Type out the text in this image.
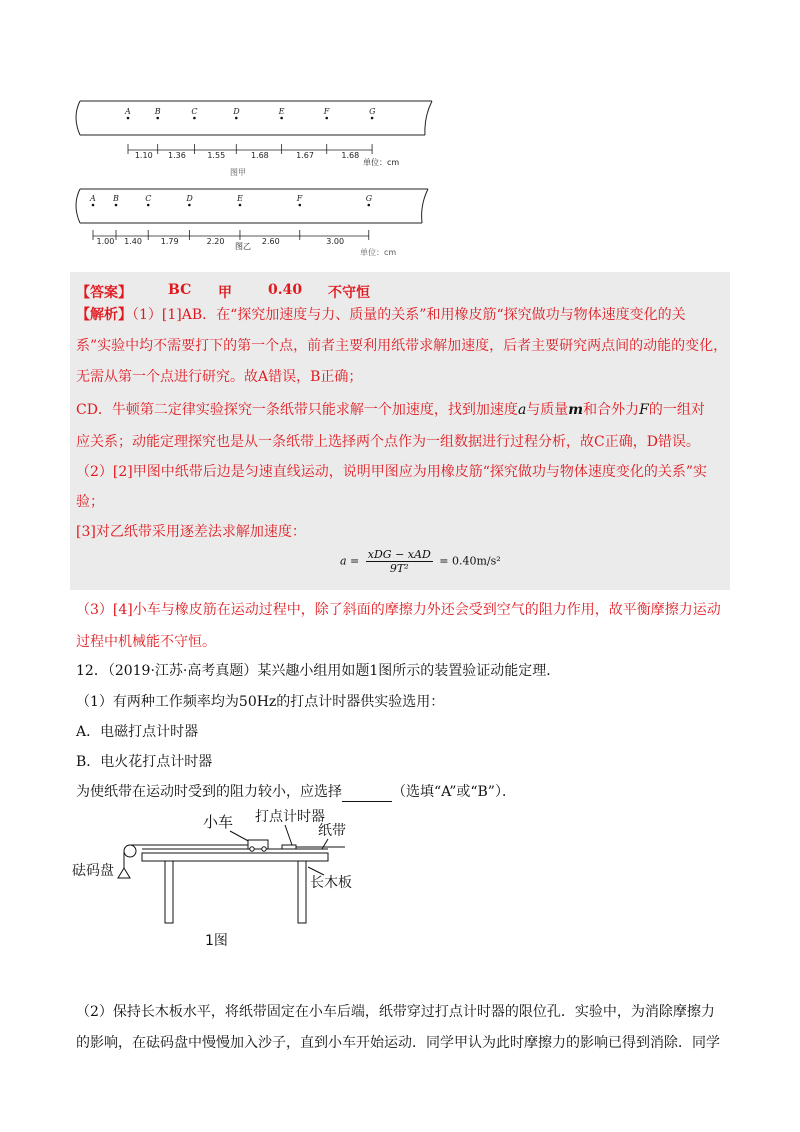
A	B	C	D	E	F	G
1.10 1.36	1.55	1.68	1.67	1.68
单位：cm
图甲
A B	C	D	E	F	G
1.00 1.40 1.79	2.20	2.60	3.00
图乙
单位：cm
【答案】	BC 甲	0.40 不守恒
【解析】（1）[1]AB．在“探究加速度与力、质量的关系”和用橡皮筋“探究做功与物体速度变化的关
系”实验中均不需要打下的第一个点，前者主要利用纸带求解加速度，后者主要研究两点间的动能的变化，
无需从第一个点进行研究。故A错误，B正确；
CD．牛顿第二定律实验探究一条纸带只能求解一个加速度，找到加速度a与质量m和合外力F的一组对
应关系；动能定理探究也是从一条纸带上选择两个点作为一组数据进行过程分析，故C正确，D错误。
（2）[2]甲图中纸带后边是匀速直线运动，说明甲图应为用橡皮筋“探究做功与物体速度变化的关系”实
验；
[3]对乙纸带采用逐差法求解加速度：
$a = \frac{\text{xDG − xAD}}{\text{9T²}} = 0.40m/s^2$
（3）[4]小车与橡皮筋在运动过程中，除了斜面的摩擦力外还会受到空气的阻力作用，故平衡摩擦力运动
过程中机械能不守恒。
12．（2019·江苏·高考真题）某兴趣小组用如题1图所示的装置验证动能定理．
（1）有两种工作频率均为50Hz的打点计时器供实验选用：
A．电磁打点计时器
B．电火花打点计时器
为使纸带在运动时受到的阻力较小，应选择	（选填“A”或“B”）．
小车 打点计时器
纸带
砝码盘
长木板
1图
（2）保持长木板水平，将纸带固定在小车后端，纸带穿过打点计时器的限位孔．实验中，为消除摩擦力
的影响，在砝码盘中慢慢加入沙子，直到小车开始运动．同学甲认为此时摩擦力的影响已得到消除．同学
